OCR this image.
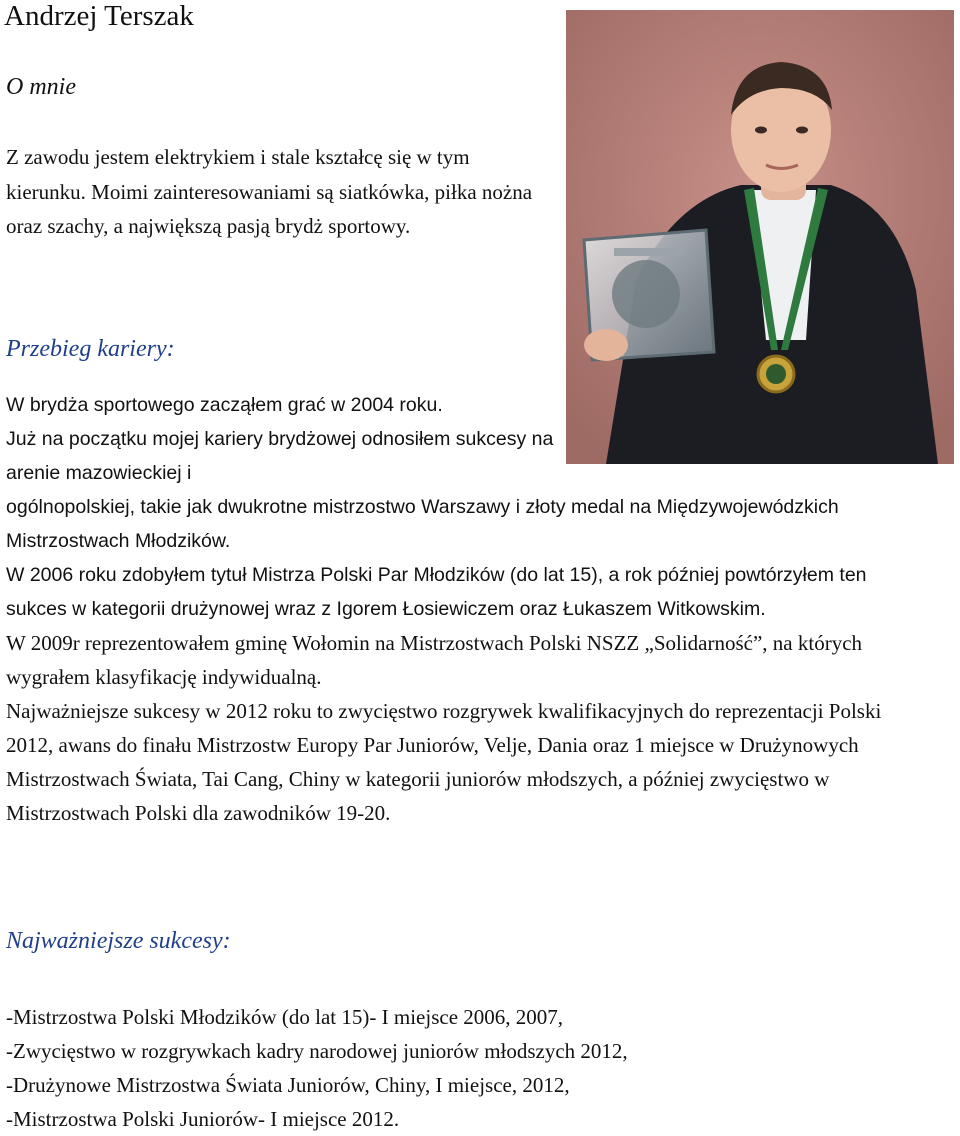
Andrzej Terszak
O mnie

Z zawodu jestem elektrykiem i stale kształcę się w tym kierunku. Moimi zainteresowaniami są siatkówka, piłka nożna oraz szachy, a największą pasją brydż sportowy.

Przebieg kariery:
W brydża sportowego zacząłem grać w 2004 roku.
Już na początku mojej kariery brydżowej odnosiłem sukcesy na arenie mazowieckiej i
ogólnopolskiej, takie jak dwukrotne mistrzostwo Warszawy i złoty medal na Międzywojewódzkich Mistrzostwach Młodzików.
W 2006 roku zdobyłem tytuł Mistrza Polski Par Młodzików (do lat 15), a rok później powtórzyłem ten sukces w kategorii drużynowej wraz z Igorem Łosiewiczem oraz Łukaszem Witkowskim.
W 2009r reprezentowałem gminę Wołomin na Mistrzostwach Polski NSZZ „Solidarność”, na których wygrałem klasyfikację indywidualną.
Najważniejsze sukcesy w 2012 roku to zwycięstwo rozgrywek kwalifikacyjnych do reprezentacji Polski 2012, awans do finału Mistrzostw Europy Par Juniorów, Velje, Dania oraz 1 miejsce w Drużynowych Mistrzostwach Świata, Tai Cang, Chiny w kategorii juniorów młodszych, a później zwycięstwo w Mistrzostwach Polski dla zawodników 19-20.
Najważniejsze sukcesy:
-Mistrzostwa Polski Młodzików (do lat 15)- I miejsce 2006, 2007,
-Zwycięstwo w rozgrywkach kadry narodowej juniorów młodszych 2012,
-Drużynowe Mistrzostwa Świata Juniorów, Chiny, I miejsce, 2012,
-Mistrzostwa Polski Juniorów- I miejsce 2012.
